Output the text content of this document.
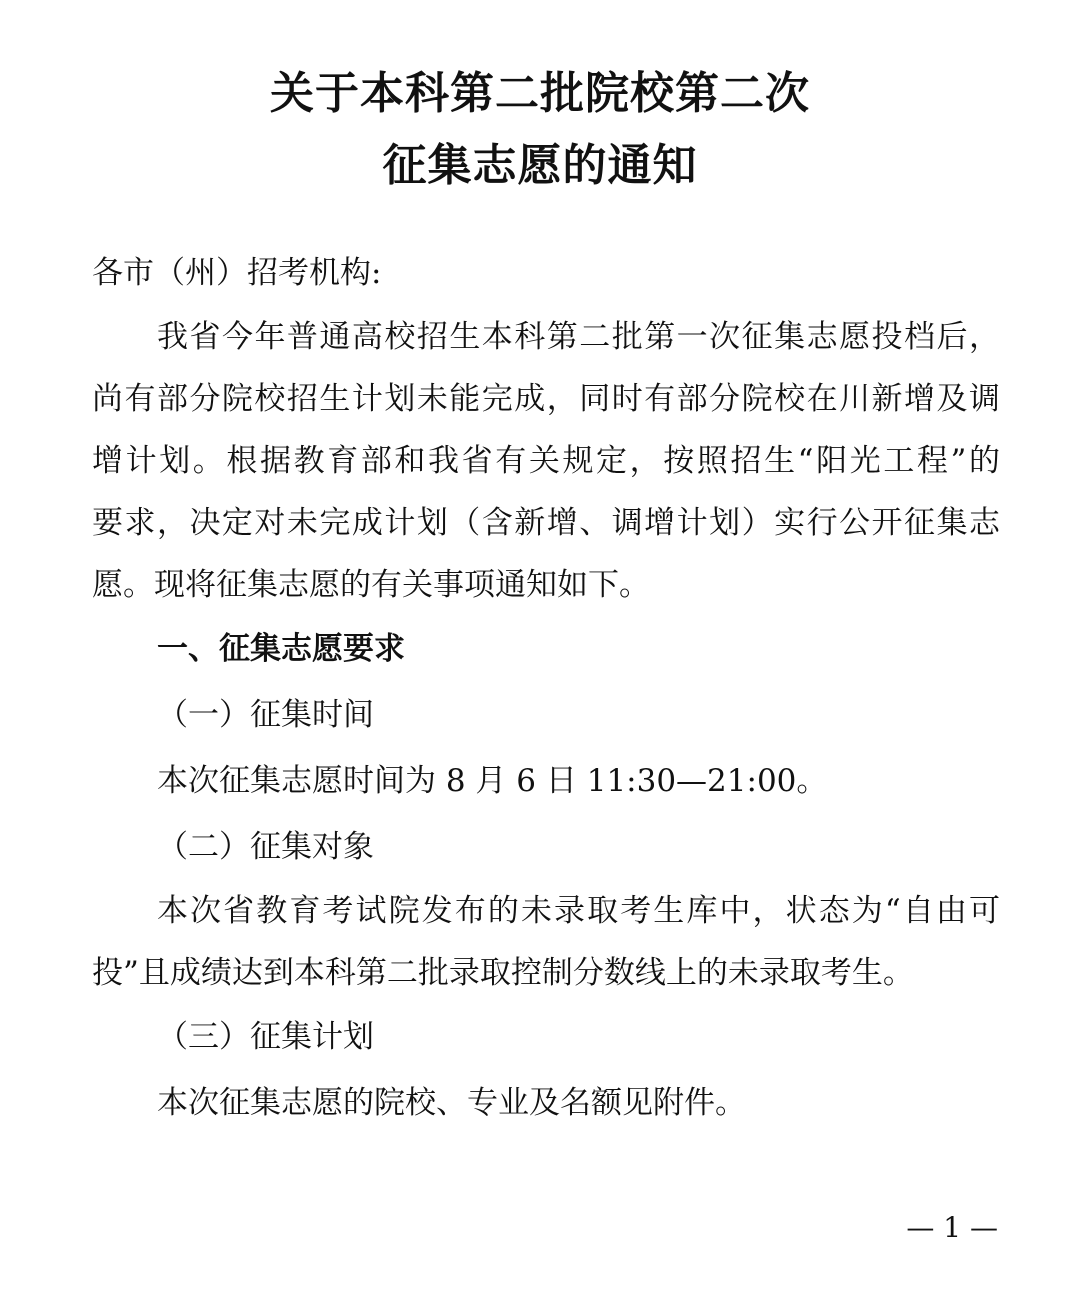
关于本科第二批院校第二次
征集志愿的通知

各市（州）招考机构:

我省今年普通高校招生本科第二批第一次征集志愿投档后，

尚有部分院校招生计划未能完成，同时有部分院校在川新增及调

增计划。根据教育部和我省有关规定，按照招生“阳光工程”的

要求，决定对未完成计划（含新增、调增计划）实行公开征集志

愿。现将征集志愿的有关事项通知如下。

一、征集志愿要求

（一）征集时间

本次征集志愿时间为 8 月 6 日 11:30—21:00。

（二）征集对象

本次省教育考试院发布的未录取考生库中，状态为“自由可

投”且成绩达到本科第二批录取控制分数线上的未录取考生。

（三）征集计划

本次征集志愿的院校、专业及名额见附件。

— 1 —
